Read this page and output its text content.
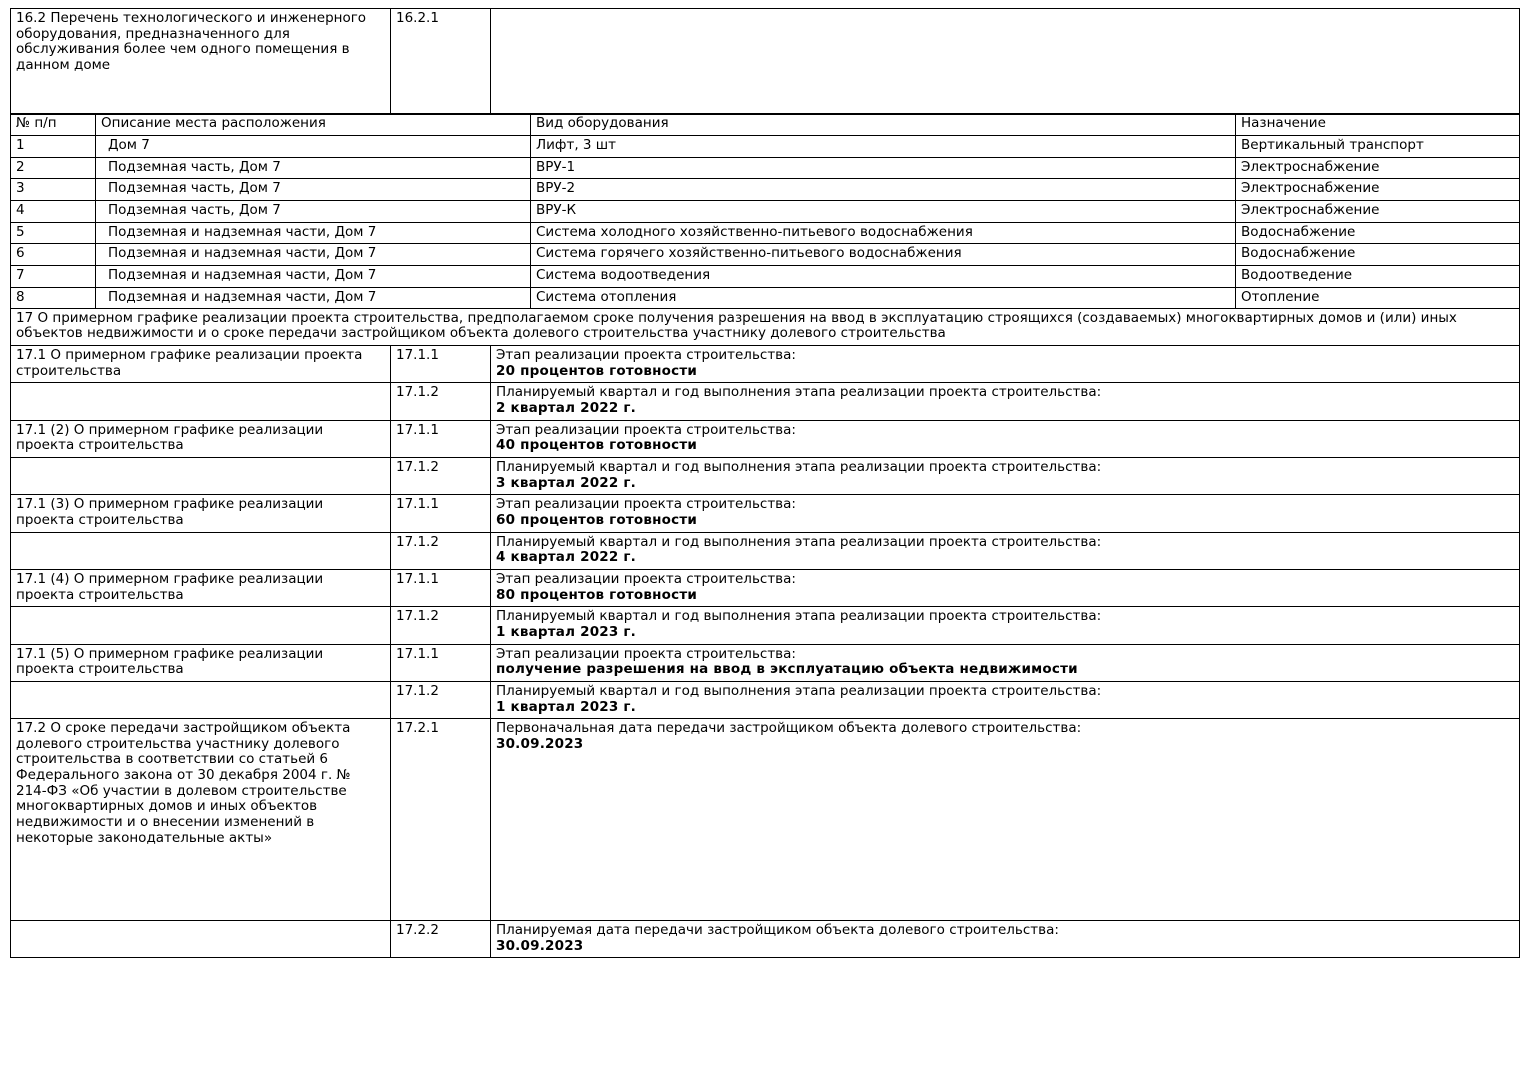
16.2 Перечень технологического и инженерного оборудования, предназначенного для обслуживания более чем одного помещения в данном доме	16.2.1	
№ п/п	Описание места расположения	Вид оборудования	Назначение
1	Дом 7	Лифт, 3 шт	Вертикальный транспорт
2	Подземная часть, Дом 7	ВРУ-1	Электроснабжение
3	Подземная часть, Дом 7	ВРУ-2	Электроснабжение
4	Подземная часть, Дом 7	ВРУ-К	Электроснабжение
5	Подземная и надземная части, Дом 7	Система холодного хозяйственно-питьевого водоснабжения	Водоснабжение
6	Подземная и надземная части, Дом 7	Система горячего хозяйственно-питьевого водоснабжения	Водоснабжение
7	Подземная и надземная части, Дом 7	Система водоотведения	Водоотведение
8	Подземная и надземная части, Дом 7	Система отопления	Отопление
17 О примерном графике реализации проекта строительства, предполагаемом сроке получения разрешения на ввод в эксплуатацию строящихся (создаваемых) многоквартирных домов и (или) иных объектов недвижимости и о сроке передачи застройщиком объекта долевого строительства участнику долевого строительства		
17.1 О примерном графике реализации проекта строительства	17.1.1	Этап реализации проекта строительства:
20 процентов готовности

	17.1.2	Планируемый квартал и год выполнения этапа реализации проекта строительства:
2 квартал 2022 г.

17.1 (2) О примерном графике реализации проекта строительства	17.1.1	Этап реализации проекта строительства:
40 процентов готовности

	17.1.2	Планируемый квартал и год выполнения этапа реализации проекта строительства:
3 квартал 2022 г.

17.1 (3) О примерном графике реализации проекта строительства	17.1.1	Этап реализации проекта строительства:
60 процентов готовности

	17.1.2	Планируемый квартал и год выполнения этапа реализации проекта строительства:
4 квартал 2022 г.

17.1 (4) О примерном графике реализации проекта строительства	17.1.1	Этап реализации проекта строительства:
80 процентов готовности

	17.1.2	Планируемый квартал и год выполнения этапа реализации проекта строительства:
1 квартал 2023 г.

17.1 (5) О примерном графике реализации проекта строительства	17.1.1	Этап реализации проекта строительства:
получение разрешения на ввод в эксплуатацию объекта недвижимости

	17.1.2	Планируемый квартал и год выполнения этапа реализации проекта строительства:
1 квартал 2023 г.

17.2 О сроке передачи застройщиком объекта долевого строительства участнику долевого строительства в соответствии со статьей 6 Федерального закона от 30 декабря 2004 г. № 214-ФЗ «Об участии в долевом строительстве многоквартирных домов и иных объектов недвижимости и о внесении изменений в некоторые законодательные акты»	17.2.1	Первоначальная дата передачи застройщиком объекта долевого строительства:
30.09.2023

	17.2.2	Планируемая дата передачи застройщиком объекта долевого строительства:
30.09.2023
